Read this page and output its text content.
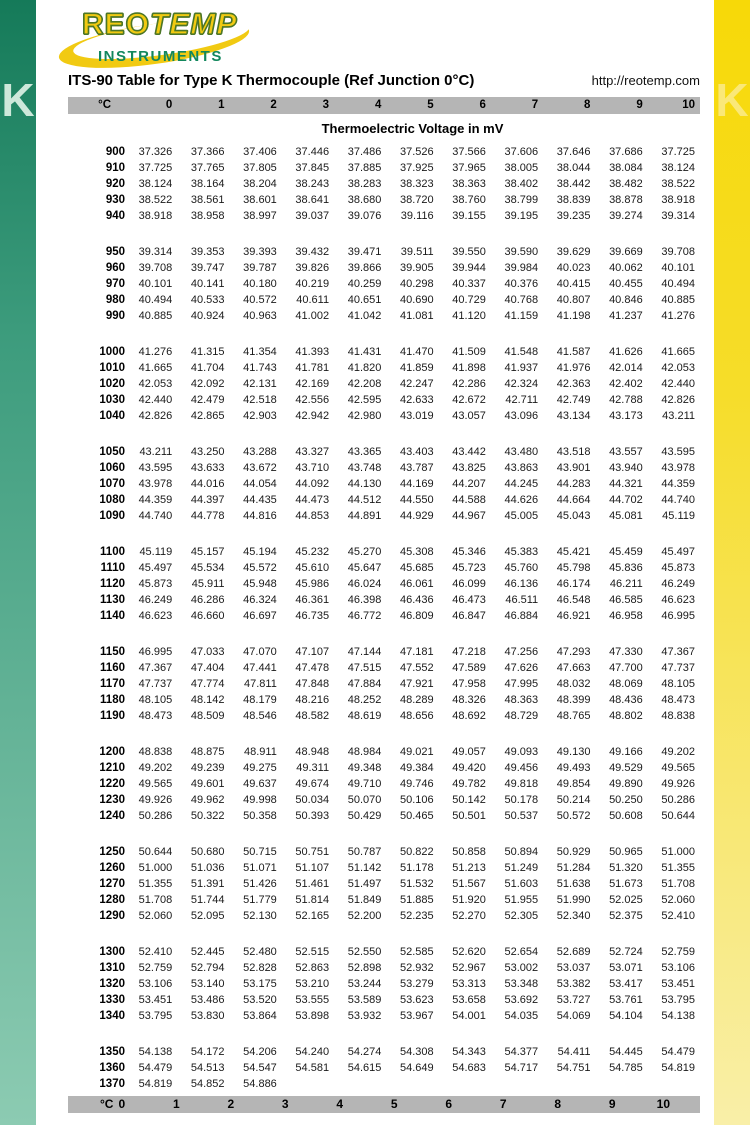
K	K
REOTEMP
INSTRUMENTS
ITS-90 Table for Type K Thermocouple (Ref Junction 0°C)	http://reotemp.com
°C	0	1	2	3	4	5	6	7	8	9	10
Thermoelectric Voltage in mV
900	37.326	37.366	37.406	37.446	37.486	37.526	37.566	37.606	37.646	37.686	37.725
910	37.725	37.765	37.805	37.845	37.885	37.925	37.965	38.005	38.044	38.084	38.124
920	38.124	38.164	38.204	38.243	38.283	38.323	38.363	38.402	38.442	38.482	38.522
930	38.522	38.561	38.601	38.641	38.680	38.720	38.760	38.799	38.839	38.878	38.918
940	38.918	38.958	38.997	39.037	39.076	39.116	39.155	39.195	39.235	39.274	39.314
950	39.314	39.353	39.393	39.432	39.471	39.511	39.550	39.590	39.629	39.669	39.708
960	39.708	39.747	39.787	39.826	39.866	39.905	39.944	39.984	40.023	40.062	40.101
970	40.101	40.141	40.180	40.219	40.259	40.298	40.337	40.376	40.415	40.455	40.494
980	40.494	40.533	40.572	40.611	40.651	40.690	40.729	40.768	40.807	40.846	40.885
990	40.885	40.924	40.963	41.002	41.042	41.081	41.120	41.159	41.198	41.237	41.276
1000	41.276	41.315	41.354	41.393	41.431	41.470	41.509	41.548	41.587	41.626	41.665
1010	41.665	41.704	41.743	41.781	41.820	41.859	41.898	41.937	41.976	42.014	42.053
1020	42.053	42.092	42.131	42.169	42.208	42.247	42.286	42.324	42.363	42.402	42.440
1030	42.440	42.479	42.518	42.556	42.595	42.633	42.672	42.711	42.749	42.788	42.826
1040	42.826	42.865	42.903	42.942	42.980	43.019	43.057	43.096	43.134	43.173	43.211
1050	43.211	43.250	43.288	43.327	43.365	43.403	43.442	43.480	43.518	43.557	43.595
1060	43.595	43.633	43.672	43.710	43.748	43.787	43.825	43.863	43.901	43.940	43.978
1070	43.978	44.016	44.054	44.092	44.130	44.169	44.207	44.245	44.283	44.321	44.359
1080	44.359	44.397	44.435	44.473	44.512	44.550	44.588	44.626	44.664	44.702	44.740
1090	44.740	44.778	44.816	44.853	44.891	44.929	44.967	45.005	45.043	45.081	45.119
1100	45.119	45.157	45.194	45.232	45.270	45.308	45.346	45.383	45.421	45.459	45.497
1110	45.497	45.534	45.572	45.610	45.647	45.685	45.723	45.760	45.798	45.836	45.873
1120	45.873	45.911	45.948	45.986	46.024	46.061	46.099	46.136	46.174	46.211	46.249
1130	46.249	46.286	46.324	46.361	46.398	46.436	46.473	46.511	46.548	46.585	46.623
1140	46.623	46.660	46.697	46.735	46.772	46.809	46.847	46.884	46.921	46.958	46.995
1150	46.995	47.033	47.070	47.107	47.144	47.181	47.218	47.256	47.293	47.330	47.367
1160	47.367	47.404	47.441	47.478	47.515	47.552	47.589	47.626	47.663	47.700	47.737
1170	47.737	47.774	47.811	47.848	47.884	47.921	47.958	47.995	48.032	48.069	48.105
1180	48.105	48.142	48.179	48.216	48.252	48.289	48.326	48.363	48.399	48.436	48.473
1190	48.473	48.509	48.546	48.582	48.619	48.656	48.692	48.729	48.765	48.802	48.838
1200	48.838	48.875	48.911	48.948	48.984	49.021	49.057	49.093	49.130	49.166	49.202
1210	49.202	49.239	49.275	49.311	49.348	49.384	49.420	49.456	49.493	49.529	49.565
1220	49.565	49.601	49.637	49.674	49.710	49.746	49.782	49.818	49.854	49.890	49.926
1230	49.926	49.962	49.998	50.034	50.070	50.106	50.142	50.178	50.214	50.250	50.286
1240	50.286	50.322	50.358	50.393	50.429	50.465	50.501	50.537	50.572	50.608	50.644
1250	50.644	50.680	50.715	50.751	50.787	50.822	50.858	50.894	50.929	50.965	51.000
1260	51.000	51.036	51.071	51.107	51.142	51.178	51.213	51.249	51.284	51.320	51.355
1270	51.355	51.391	51.426	51.461	51.497	51.532	51.567	51.603	51.638	51.673	51.708
1280	51.708	51.744	51.779	51.814	51.849	51.885	51.920	51.955	51.990	52.025	52.060
1290	52.060	52.095	52.130	52.165	52.200	52.235	52.270	52.305	52.340	52.375	52.410
1300	52.410	52.445	52.480	52.515	52.550	52.585	52.620	52.654	52.689	52.724	52.759
1310	52.759	52.794	52.828	52.863	52.898	52.932	52.967	53.002	53.037	53.071	53.106
1320	53.106	53.140	53.175	53.210	53.244	53.279	53.313	53.348	53.382	53.417	53.451
1330	53.451	53.486	53.520	53.555	53.589	53.623	53.658	53.692	53.727	53.761	53.795
1340	53.795	53.830	53.864	53.898	53.932	53.967	54.001	54.035	54.069	54.104	54.138
1350	54.138	54.172	54.206	54.240	54.274	54.308	54.343	54.377	54.411	54.445	54.479
1360	54.479	54.513	54.547	54.581	54.615	54.649	54.683	54.717	54.751	54.785	54.819
1370	54.819	54.852	54.886
°C 0	1	2	3	4	5	6	7	8	9	10
